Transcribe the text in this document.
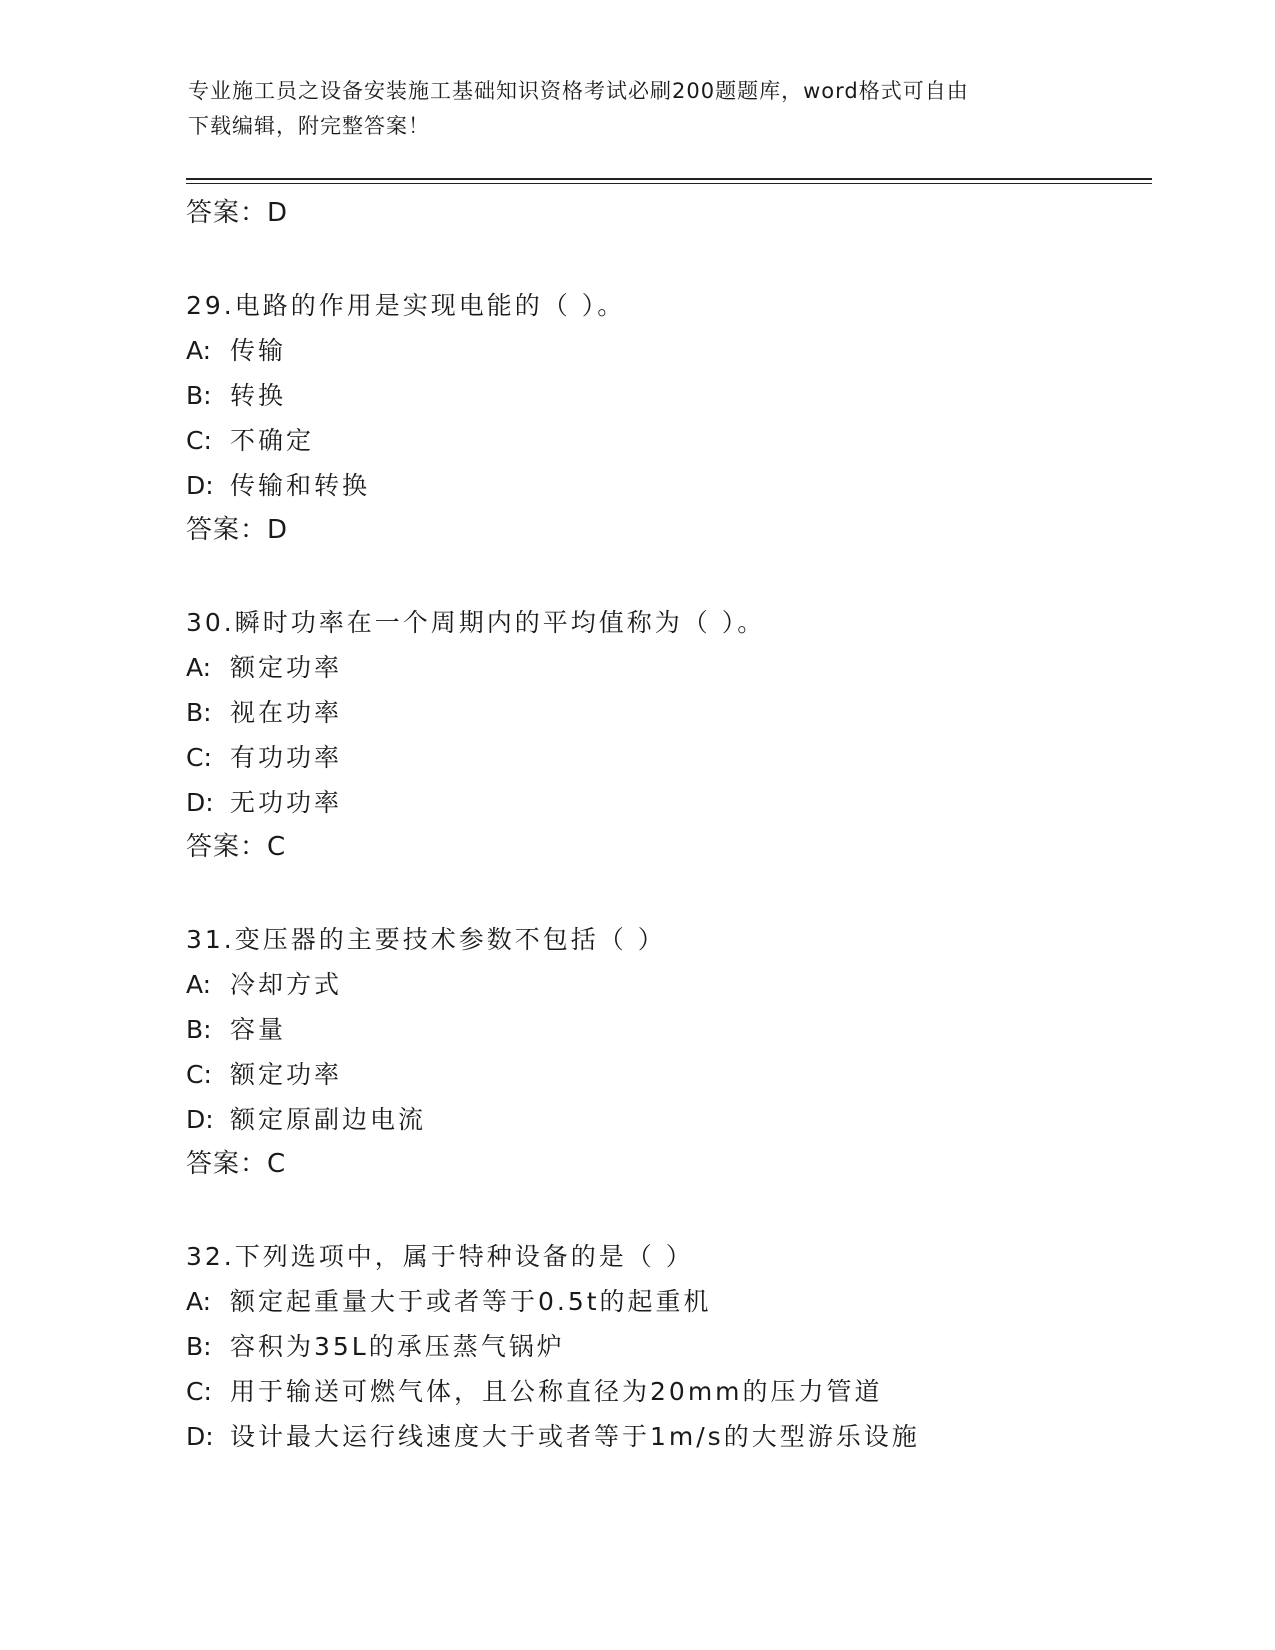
专业施工员之设备安装施工基础知识资格考试必刷200题题库，word格式可自由
下载编辑，附完整答案！
答案：D
29.电路的作用是实现电能的（ ）。
A: 传输
B: 转换
C: 不确定
D: 传输和转换
答案：D
30.瞬时功率在一个周期内的平均值称为（ ）。
A: 额定功率
B: 视在功率
C: 有功功率
D: 无功功率
答案：C
31.变压器的主要技术参数不包括（ ）
A: 冷却方式
B: 容量
C: 额定功率
D: 额定原副边电流
答案：C
32.下列选项中，属于特种设备的是（ ）
A: 额定起重量大于或者等于0.5t的起重机
B: 容积为35L的承压蒸气锅炉
C: 用于输送可燃气体，且公称直径为20mm的压力管道
D: 设计最大运行线速度大于或者等于1m/s的大型游乐设施
